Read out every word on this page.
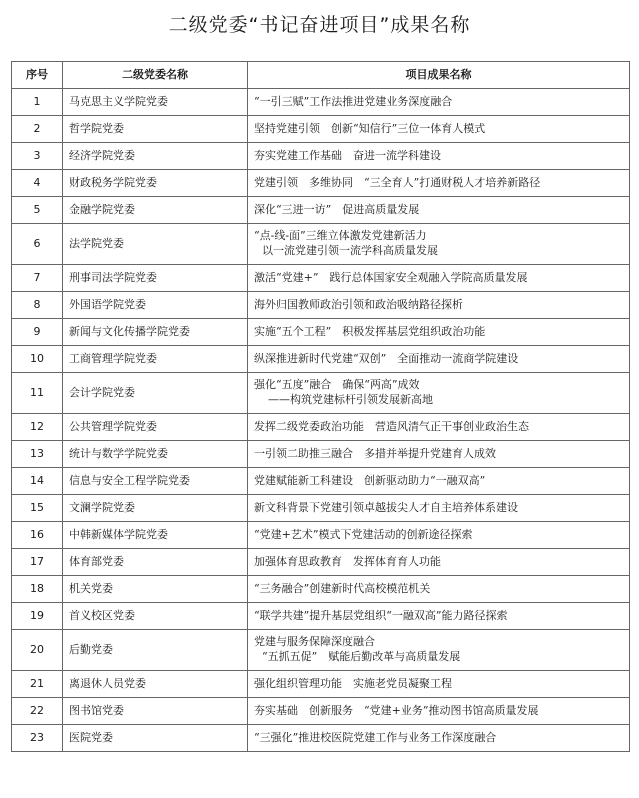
二级党委“书记奋进项目”成果名称
序号	二级党委名称	项目成果名称
1	马克思主义学院党委	“一引三赋”工作法推进党建业务深度融合

2	哲学院党委	坚持党建引领　创新“知信行”三位一体育人模式

3	经济学院党委	夯实党建工作基础　奋进一流学科建设

4	财政税务学院党委	党建引领　多维协同　“三全育人”打通财税人才培养新路径

5	金融学院党委	深化“三进一访”　促进高质量发展

6	法学院党委	“点-线-面”三维立体激发党建新活力
以一流党建引领一流学科高质量发展

7	刑事司法学院党委	激活“党建+”　践行总体国家安全观融入学院高质量发展

8	外国语学院党委	海外归国教师政治引领和政治吸纳路径探析

9	新闻与文化传播学院党委	实施“五个工程”　积极发挥基层党组织政治功能

10	工商管理学院党委	纵深推进新时代党建“双创”　全面推动一流商学院建设

11	会计学院党委	强化“五度”融合　确保“两高”成效
——构筑党建标杆引领发展新高地

12	公共管理学院党委	发挥二级党委政治功能　营造风清气正干事创业政治生态

13	统计与数学学院党委	一引领二助推三融合　多措并举提升党建育人成效

14	信息与安全工程学院党委	党建赋能新工科建设　创新驱动助力“一融双高”

15	文澜学院党委	新文科背景下党建引领卓越拔尖人才自主培养体系建设

16	中韩新媒体学院党委	“党建+艺术”模式下党建活动的创新途径探索

17	体育部党委	加强体育思政教育　发挥体育育人功能

18	机关党委	“三务融合”创建新时代高校模范机关

19	首义校区党委	“联学共建”提升基层党组织“一融双高”能力路径探索

20	后勤党委	党建与服务保障深度融合
“五抓五促”　赋能后勤改革与高质量发展

21	离退休人员党委	强化组织管理功能　实施老党员凝聚工程

22	图书馆党委	夯实基础　创新服务　“党建+业务”推动图书馆高质量发展

23	医院党委	“三强化”推进校医院党建工作与业务工作深度融合
